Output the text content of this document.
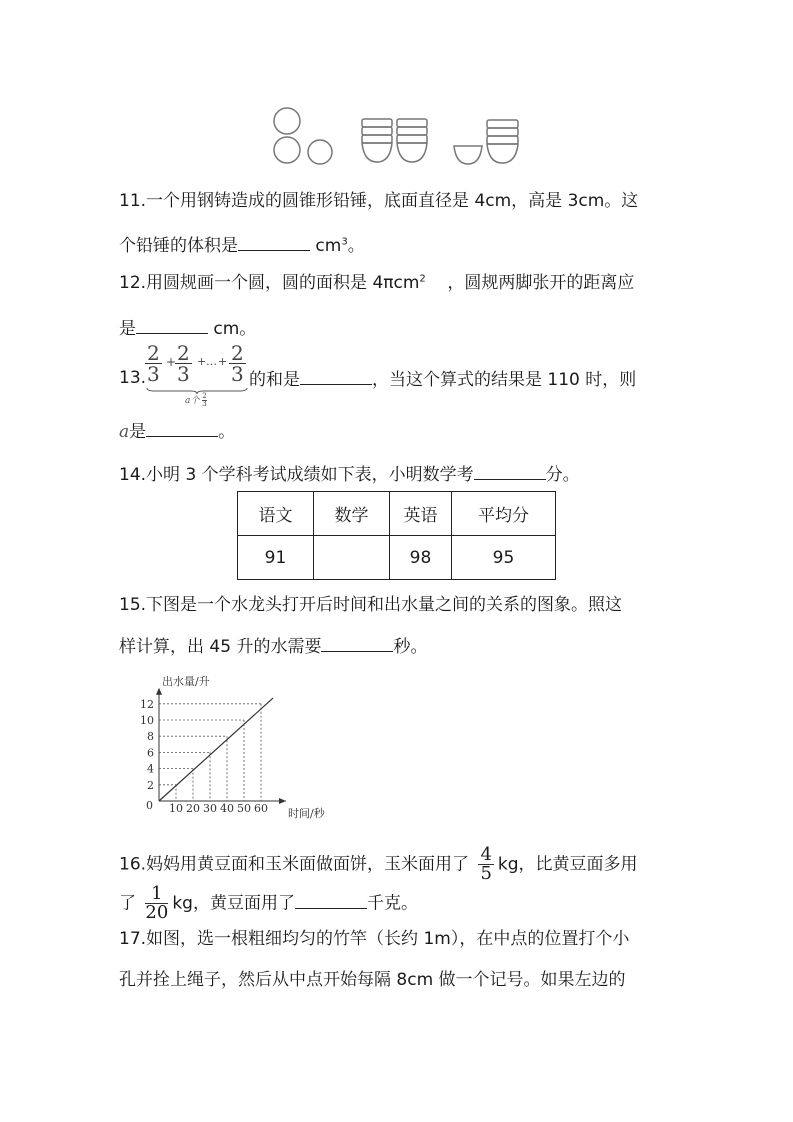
11.一个用钢铸造成的圆锥形铅锤，底面直径是 4cm，高是 3cm。这
个铅锤的体积是	$cm^3$。
12.用圆规画一个圆，圆的面积是 4πcm$^2$    ，圆规两脚张开的距离应
是	cm。
13.
$\frac{2}{3}$ +
$\frac{2}{3}$ + … + $\frac{2}{3}$
a个 $\frac{2}{3}$
的和是	，当这个算式的结果是 110 时，则
a是	。
14.小明 3 个学科考试成绩如下表，小明数学考	分。
语文	数学	英语	平均分
91		98	95
15.下图是一个水龙头打开后时间和出水量之间的关系的图象。照这
样计算，出 45 升的水需要	秒。
10 20 30 40 50 60
2
4
6
8
10
12
0
出水量/升
时间/秒
16.妈妈用黄豆面和玉米面做面饼，玉米面用了 $\frac{4}{5}$ kg，比黄豆面多用
了 $\frac{1}{20}$ kg，黄豆面用了	千克。
17.如图，选一根粗细均匀的竹竿（长约 1m），在中点的位置打个小
孔并拴上绳子，然后从中点开始每隔 8cm 做一个记号。如果左边的
